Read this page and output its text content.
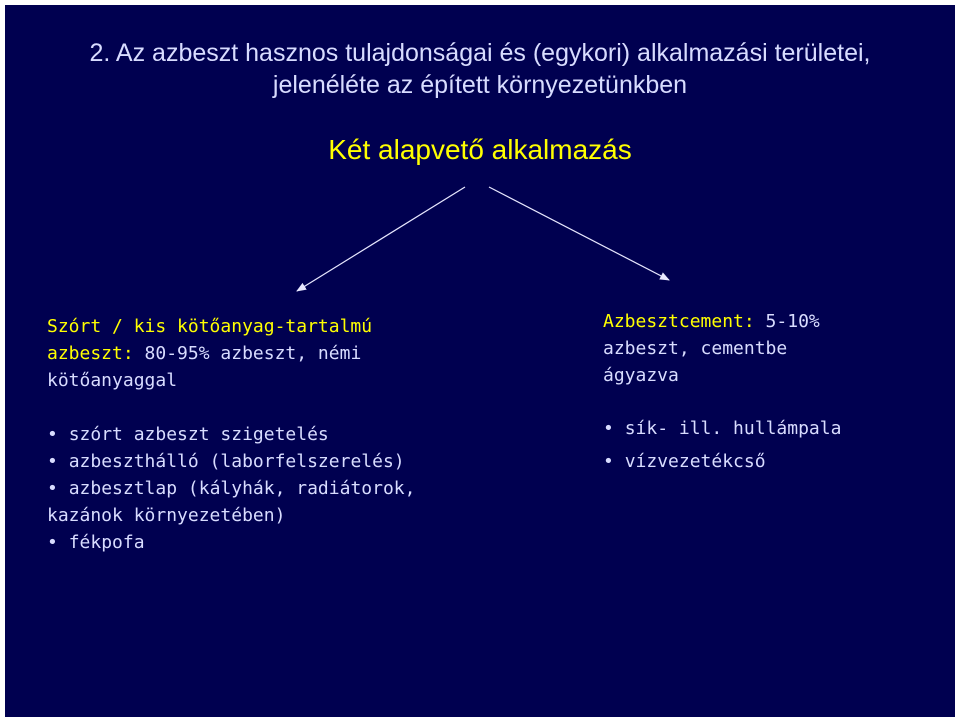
2. Az azbeszt hasznos tulajdonságai és (egykori) alkalmazási területei,
jelenéléte az épített környezetünkben
Két alapvető alkalmazás
Szórt / kis kötőanyag-tartalmú
azbeszt: 80-95% azbeszt, némi
kötőanyaggal
• szórt azbeszt szigetelés
• azbeszthálló (laborfelszerelés)
• azbesztlap (kályhák, radiátorok,
kazánok környezetében)
• fékpofa
Azbesztcement: 5-10%
azbeszt, cementbe
ágyazva
• sík- ill. hullámpala
• vízvezetékcső
